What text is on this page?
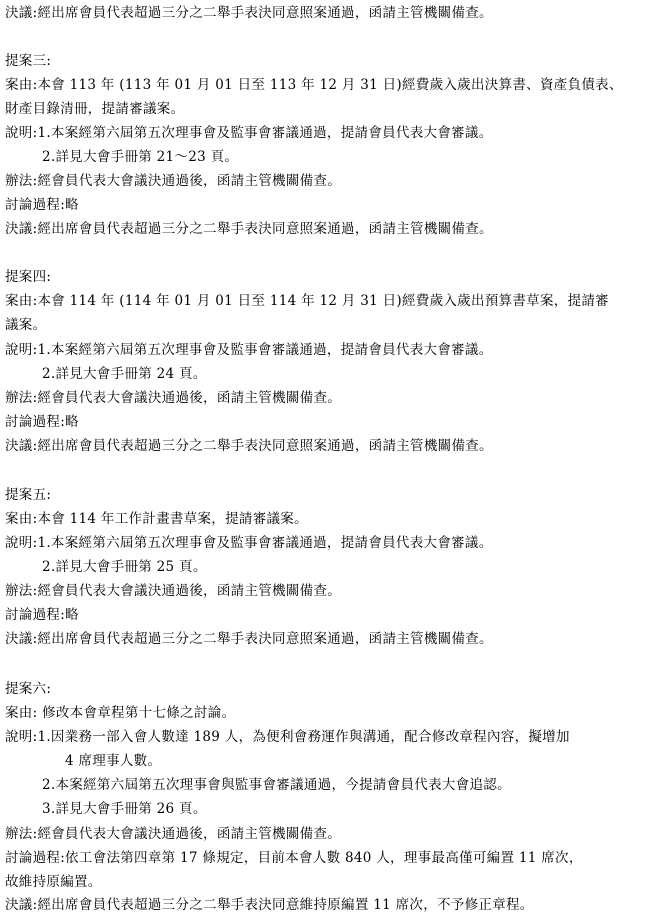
決議:經出席會員代表超過三分之二舉手表決同意照案通過，函請主管機關備查。
提案三:
案由:本會 113 年 (113 年 01 月 01 日至 113 年 12 月 31 日)經費歲入歲出決算書、資產負債表、
財產目錄清冊，提請審議案。
說明:1.本案經第六屆第五次理事會及監事會審議通過，提請會員代表大會審議。
2.詳見大會手冊第 21～23 頁。
辦法:經會員代表大會議決通過後，函請主管機關備查。
討論過程:略
決議:經出席會員代表超過三分之二舉手表決同意照案通過，函請主管機關備查。
提案四:
案由:本會 114 年 (114 年 01 月 01 日至 114 年 12 月 31 日)經費歲入歲出預算書草案，提請審
議案。
說明:1.本案經第六屆第五次理事會及監事會審議通過，提請會員代表大會審議。
2.詳見大會手冊第 24 頁。
辦法:經會員代表大會議決通過後，函請主管機關備查。
討論過程:略
決議:經出席會員代表超過三分之二舉手表決同意照案通過，函請主管機關備查。
提案五:
案由:本會 114 年工作計畫書草案，提請審議案。
說明:1.本案經第六屆第五次理事會及監事會審議通過，提請會員代表大會審議。
2.詳見大會手冊第 25 頁。
辦法:經會員代表大會議決通過後，函請主管機關備查。
討論過程:略
決議:經出席會員代表超過三分之二舉手表決同意照案通過，函請主管機關備查。
提案六:
案由: 修改本會章程第十七條之討論。
說明:1.因業務一部入會人數達 189 人，為便利會務運作與溝通，配合修改章程內容，擬增加
4 席理事人數。
2.本案經第六屆第五次理事會與監事會審議通過，今提請會員代表大會追認。
3.詳見大會手冊第 26 頁。
辦法:經會員代表大會議決通過後，函請主管機關備查。
討論過程:依工會法第四章第 17 條規定，目前本會人數 840 人，理事最高僅可編置 11 席次，
故維持原編置。
決議:經出席會員代表超過三分之二舉手表決同意維持原編置 11 席次，不予修正章程。
